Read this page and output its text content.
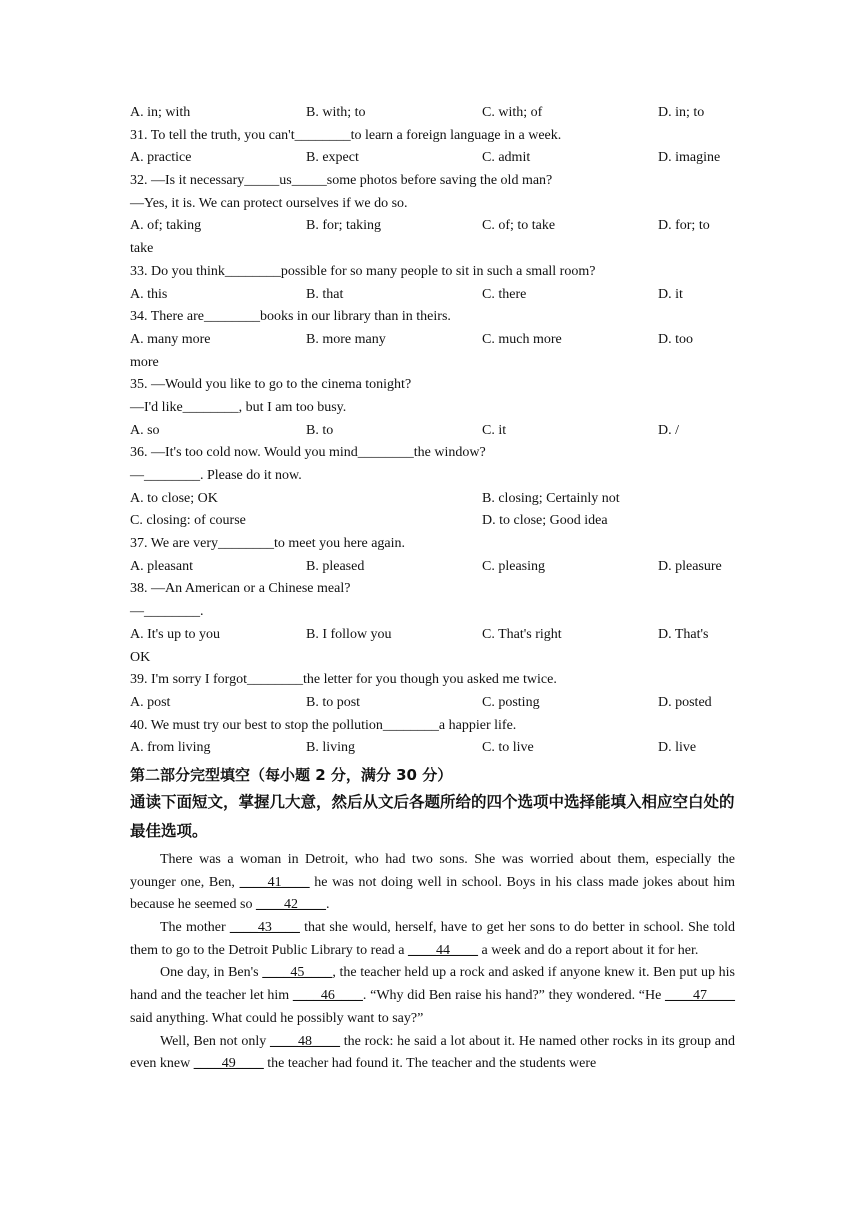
A. in; with	B. with; to	C. with; of	D. in; to
31. To tell the truth, you can't________to learn a foreign language in a week.
A. practice	B. expect	C. admit	D. imagine
32. —Is it necessary_____us_____some photos before saving the old man?
—Yes, it is. We can protect ourselves if we do so.
A. of; taking	B. for; taking	C. of; to take	D. for; to
take
33. Do you think________possible for so many people to sit in such a small room?
A. this	B. that	C. there	D. it
34. There are________books in our library than in theirs.
A. many more	B. more many	C. much more	D. too
more
35. —Would you like to go to the cinema tonight?
—I'd like________, but I am too busy.
A. so	B. to	C. it	D. /
36. —It's too cold now. Would you mind________the window?
—________. Please do it now.
A. to close; OK	B. closing; Certainly not
C. closing: of course	D. to close; Good idea
37. We are very________to meet you here again.
A. pleasant	B. pleased	C. pleasing	D. pleasure
38. —An American or a Chinese meal?
—________.
A. It's up to you	B. I follow you	C. That's right	D. That's
OK
39. I'm sorry I forgot________the letter for you though you asked me twice.
A. post	B. to post	C. posting	D. posted
40. We must try our best to stop the pollution________a happier life.
A. from living	B. living	C. to live	D. live
第二部分完型填空（每小题 2 分，满分 30 分）
通读下面短文，掌握几大意，然后从文后各题所给的四个选项中选择能填入相应空白处的最佳选项。
There was a woman in Detroit, who had two sons. She was worried about them, especially the younger one, Ben, ____41____ he was not doing well in school. Boys in his class made jokes about him because he seemed so ____42____.
The mother ____43____ that she would, herself, have to get her sons to do better in school. She told them to go to the Detroit Public Library to read a ____44____ a week and do a report about it for her.
One day, in Ben's ____45____, the teacher held up a rock and asked if anyone knew it. Ben put up his hand and the teacher let him ____46____. “Why did Ben raise his hand?” they wondered. “He ____47____ said anything. What could he possibly want to say?”
Well, Ben not only ____48____ the rock: he said a lot about it. He named other rocks in its group and even knew ____49____ the teacher had found it. The teacher and the students were
